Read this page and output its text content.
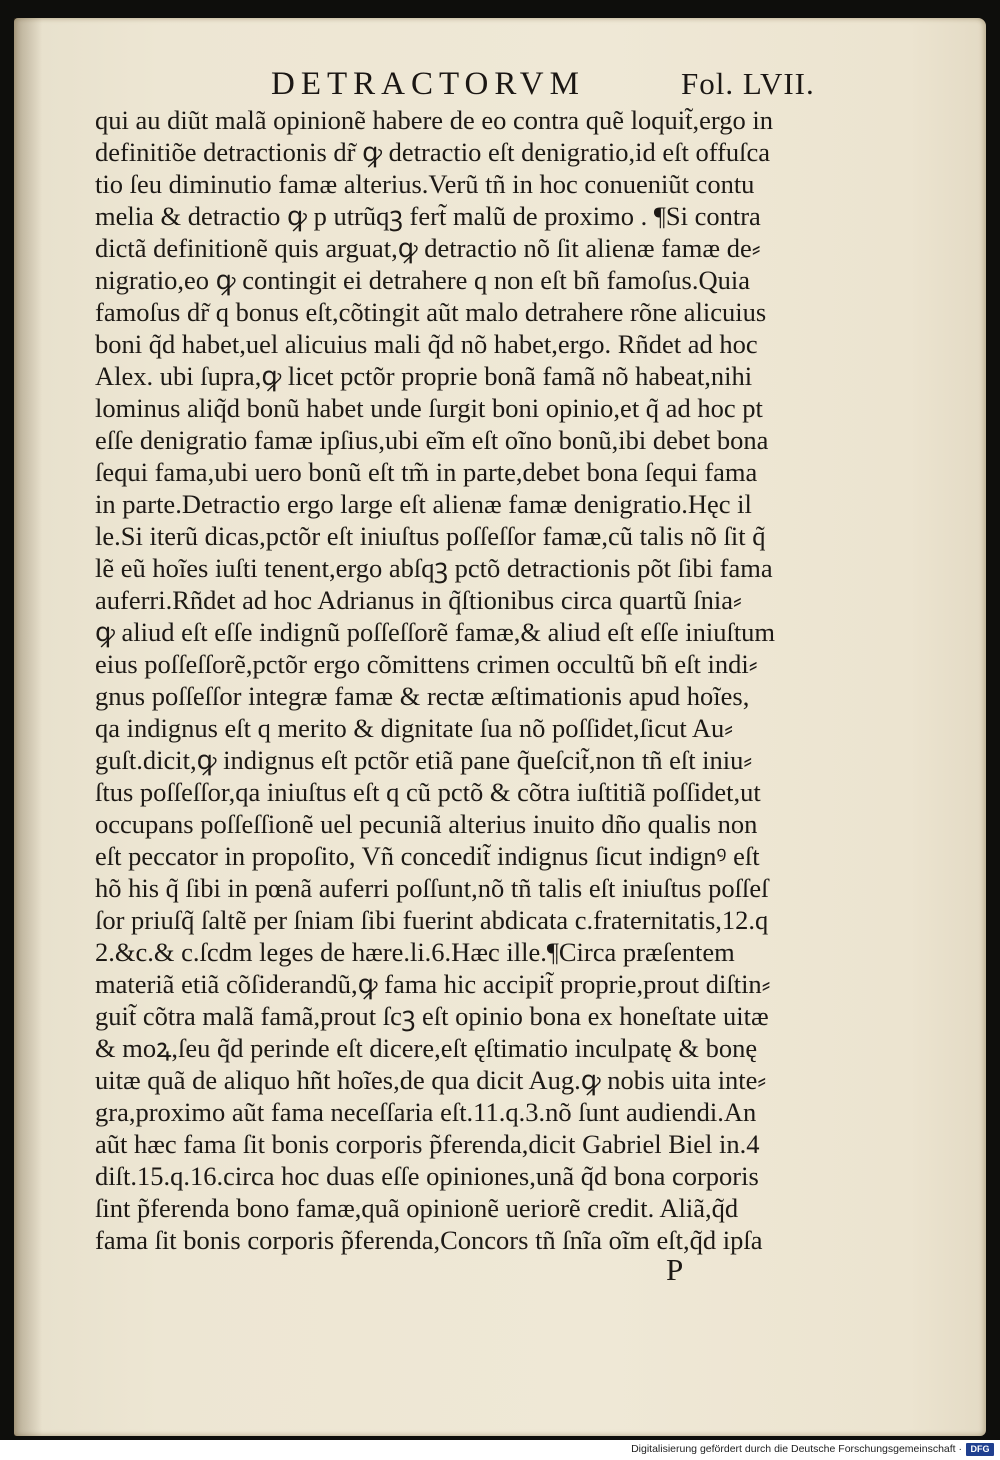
DETRACTORVM	Fol. LVII.
qui au diũt malã opinionẽ habere de eo contra quẽ loquit̃,ergo in
definitiõe detractionis dr̃ ꝙ detractio eſt denigratio,id eſt offuſca
tio ſeu diminutio famæ alterius.Verũ tñ in hoc conueniũt contu
melia & detractio ꝙ p utrũqꝫ fert̃ malũ de proximo . ¶Si contra
dictã definitionẽ quis arguat,ꝙ detractio nõ ſit alienæ famæ de⸗
nigratio,eo ꝙ contingit ei detrahere q non eſt bñ famoſus.Quia
famoſus dr̃ q bonus eſt,cõtingit aũt malo detrahere rõne alicuius
boni q̃d habet,uel alicuius mali q̃d nõ habet,ergo. Rñdet ad hoc
Alex. ubi ſupra,ꝙ licet pctõr proprie bonã famã nõ habeat,nihi
lominus aliq̃d bonũ habet unde ſurgit boni opinio,et q̃ ad hoc pt
eſſe denigratio famæ ipſius,ubi eĩm eſt oĩno bonũ,ibi debet bona
ſequi fama,ubi uero bonũ eſt tm̃ in parte,debet bona ſequi fama
in parte.Detractio ergo large eſt alienæ famæ denigratio.Hęc il
le.Si iterũ dicas,pctõr eſt iniuſtus poſſeſſor famæ,cũ talis nõ ſit q̃
lẽ eũ hoĩes iuſti tenent,ergo abſqꝫ pctõ detractionis põt ſibi fama
auferri.Rñdet ad hoc Adrianus in q̃ſtionibus circa quartũ ſnia⸗
ꝙ aliud eſt eſſe indignũ poſſeſſorẽ famæ,& aliud eſt eſſe iniuſtum
eius poſſeſſorẽ,pctõr ergo cõmittens crimen occultũ bñ eſt indi⸗
gnus poſſeſſor integræ famæ & rectæ æſtimationis apud hoĩes,
qa indignus eſt q merito & dignitate ſua nõ poſſidet,ſicut Au⸗
guſt.dicit,ꝙ indignus eſt pctõr etiã pane q̃ueſcit̃,non tñ eſt iniu⸗
ſtus poſſeſſor,qa iniuſtus eſt q cũ pctõ & cõtra iuſtitiã poſſidet,ut
occupans poſſeſſionẽ uel pecuniã alterius inuito dño qualis non
eſt peccator in propoſito, Vñ concedit̃ indignus ſicut indignꝰ eſt
hõ his q̃ ſibi in pœnã auferri poſſunt,nõ tñ talis eſt iniuſtus poſſeſ
ſor priuſq̃ ſaltẽ per ſniam ſibi fuerint abdicata c.fraternitatis,12.q
2.&c.& c.ſcdm leges de hære.li.6.Hæc ille.¶Circa præſentem
materiã etiã cõſiderandũ,ꝙ fama hic accipit̃ proprie,prout diſtin⸗
guit̃ cõtra malã famã,prout ſcꝫ eſt opinio bona ex honeſtate uitæ
& moꝝ,ſeu q̃d perinde eſt dicere,eſt ęſtimatio inculpatę & bonę
uitæ quã de aliquo hñt hoĩes,de qua dicit Aug.ꝙ nobis uita inte⸗
gra,proximo aũt fama neceſſaria eſt.11.q.3.nõ ſunt audiendi.An
aũt hæc fama ſit bonis corporis p̃ferenda,dicit Gabriel Biel in.4
diſt.15.q.16.circa hoc duas eſſe opiniones,unã q̃d bona corporis
ſint p̃ferenda bono famæ,quã opinionẽ ueriorẽ credit. Aliã,q̃d
fama ſit bonis corporis p̃ferenda,Concors tñ ſnĩa oĩm eſt,q̃d ipſa
P
Digitalisierung gefördert durch die Deutsche Forschungsgemeinschaft · DFG
